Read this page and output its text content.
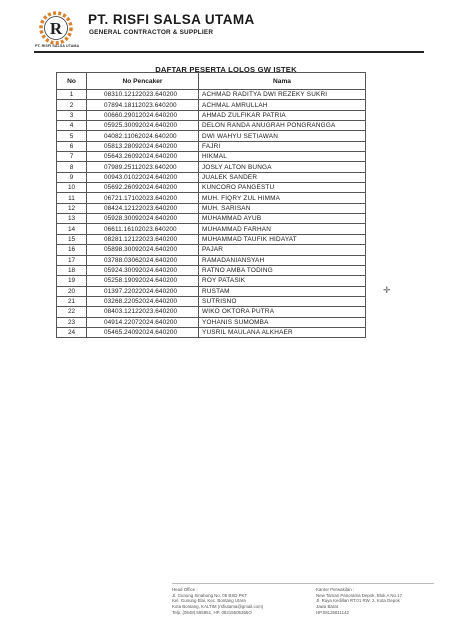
R
PT. RISFI SALSA UTAMA
PT. RISFI SALSA UTAMA
GENERAL CONTRACTOR & SUPPLIER
DAFTAR PESERTA LOLOS GW ISTEK
No	No Pencaker	Nama
1	08310.12122023.640200	ACHMAD RADITYA DWI REZEKY SUKRI
2	07894.18112023.640200	ACHMAL AMRULLAH
3	00660.29012024.640200	AHMAD ZULFIKAR PATRIA
4	05925.30092024.640200	DELON RANDA ANUGRAH PONGRANGGA
5	04082.11062024.640200	DWI WAHYU SETIAWAN
6	05813.28092024.640200	FAJRI
7	05643.26092024.640200	HIKMAL
8	07989.25112023.640200	JOSLY ALTON BUNGA
9	00943.01022024.640200	JUALEK SANDER
10	05692.26092024.640200	KUNCORO PANGESTU
11	06721.17102023.640200	MUH. FIQRY ZUL HIMMA
12	08424.12122023.640200	MUH. SARISAN
13	05928.30092024.640200	MUHAMMAD AYUB
14	06611.16102023.640200	MUHAMMAD FARHAN
15	08281.12122023.640200	MUHAMMAD TAUFIK HIDAYAT
16	05898.30092024.640200	PAJAR
17	03788.03062024.640200	RAMADANIANSYAH
18	05924.30092024.640200	RATNO AMBA TODING
19	05258.19092024.640200	ROY PATASIK
20	01397.22022024.640200	RUSTAM
21	03268.22052024.640200	SUTRISNO
22	08403.12122023.640200	WIKO OKTORA PUTRA
23	04914.22072024.640200	YOHANIS SUMOMBA
24	05465.24092024.640200	YUSRIL MAULANA ALKHAER
✛
Head Office :
Jl. Gunung Sinabung No. 05 BSD PKT
Kel. Gunung Elai, Kec. Bontang Utara
Kota Bontang, KALTIM (rsfiutama@gmail.com)
Telp. (0548) 555951, HP. 08215505365O
Kantor Perwakilan :
New Taman Panorama Depok, Blok A No.17
Jl. Raya Kedillan RT.01 RW. 2, Kota Depok
Jawa Barat
HP.08125811142
